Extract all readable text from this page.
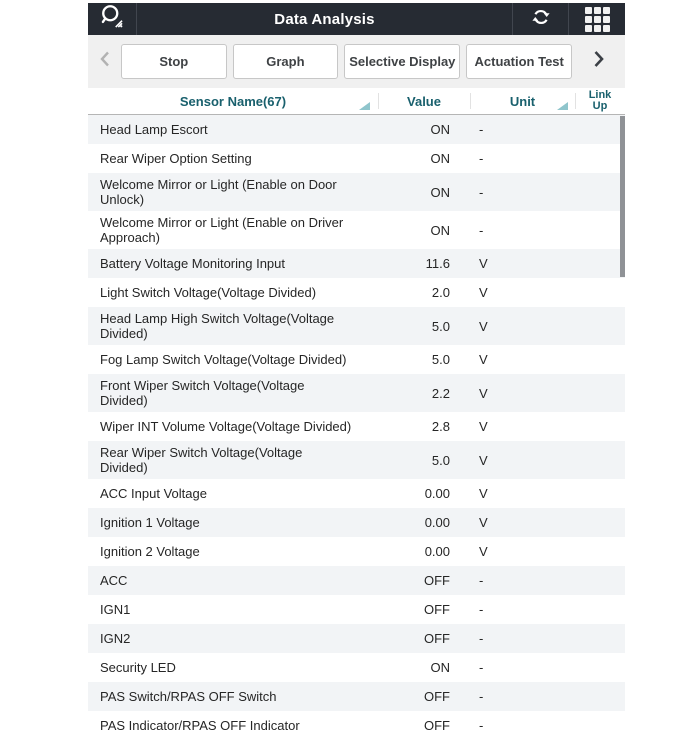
Data Analysis
Stop	Graph	Selective Display	Actuation Test
Sensor Name(67)	Value	Unit	Link Up
Head Lamp Escort	ON	-
Rear Wiper Option Setting	ON	-
Welcome Mirror or Light (Enable on Door Unlock)	ON	-
Welcome Mirror or Light (Enable on Driver Approach)	ON	-
Battery Voltage Monitoring Input	11.6	V
Light Switch Voltage(Voltage Divided)	2.0	V
Head Lamp High Switch Voltage(Voltage Divided)	5.0	V
Fog Lamp Switch Voltage(Voltage Divided)	5.0	V
Front Wiper Switch Voltage(Voltage Divided)	2.2	V
Wiper INT Volume Voltage(Voltage Divided)	2.8	V
Rear Wiper Switch Voltage(Voltage Divided)	5.0	V
ACC Input Voltage	0.00	V
Ignition 1 Voltage	0.00	V
Ignition 2 Voltage	0.00	V
ACC	OFF	-
IGN1	OFF	-
IGN2	OFF	-
Security LED	ON	-
PAS Switch/RPAS OFF Switch	OFF	-
PAS Indicator/RPAS OFF Indicator	OFF	-
